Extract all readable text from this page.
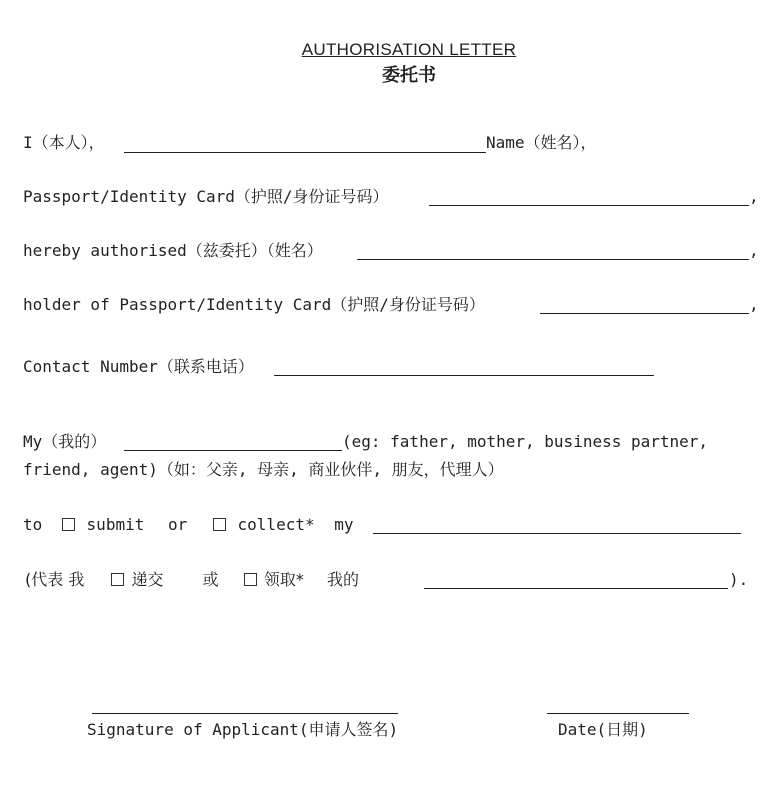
AUTHORISATION LETTER
委托书
I（本人），	Name（姓名），
Passport/Identity Card（护照/身份证号码）	,
hereby authorised（兹委托）（姓名）	,
holder of Passport/Identity Card（护照/身份证号码）	,
Contact Number（联系电话）
My（我的）	(eg: father, mother, business partner,
friend, agent)（如：父亲, 母亲, 商业伙伴, 朋友，代理人）
to	submit or	collect* my
(代表 我	递交 或	领取* 我的	).
Signature of Applicant(申请人签名)	Date(日期)
